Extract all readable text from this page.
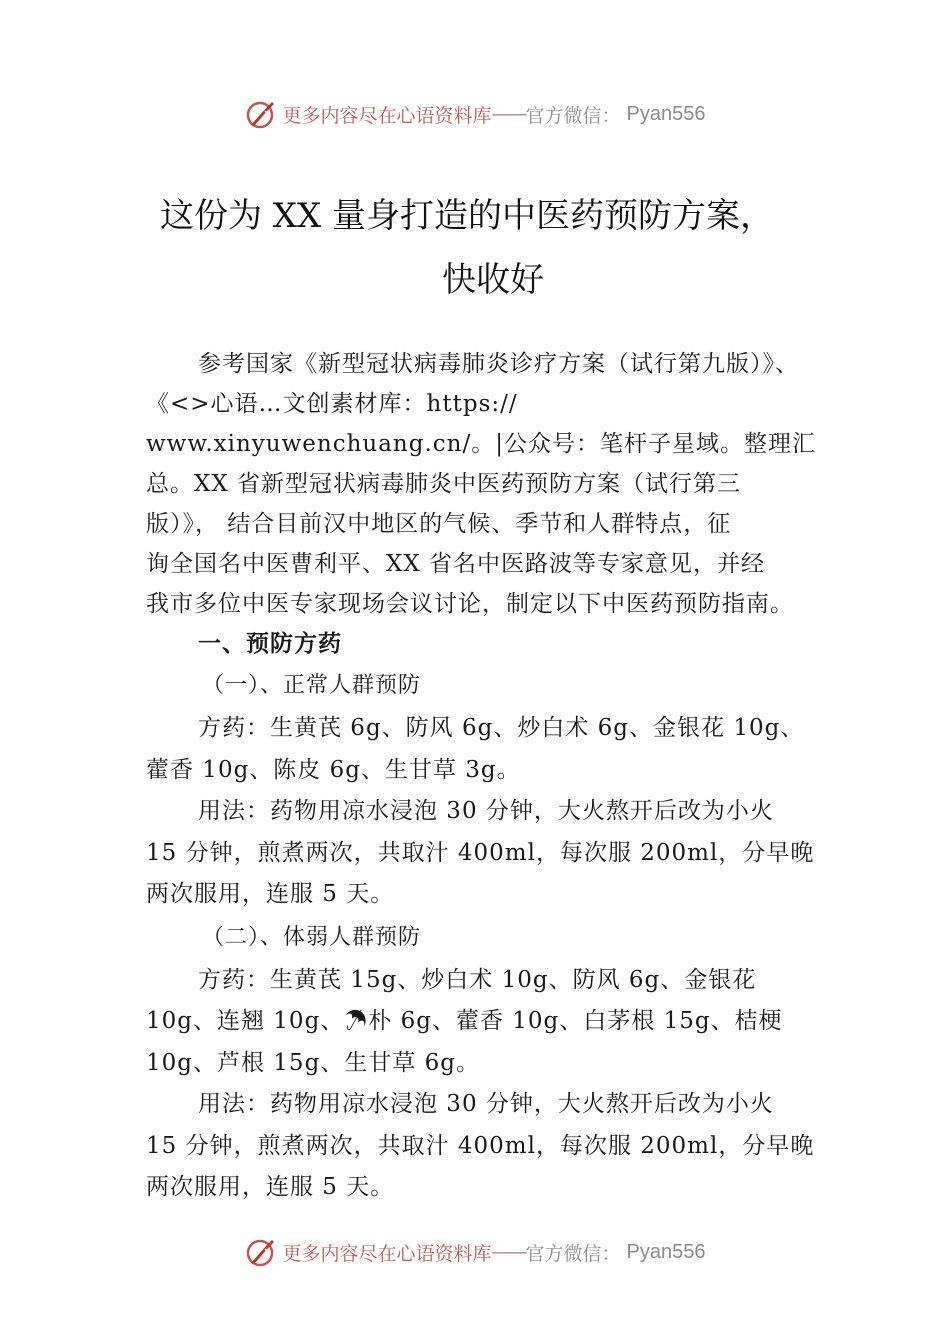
更多内容尽在心语资料库 —— 官方微信： Pyan556
这份为 XX 量身打造的中医药预防方案，
快收好

参考国家《新型冠状病毒肺炎诊疗方案（试行第九版）》、

《<>心语…文创素材库：https://

www.xinyuwenchuang.cn/。|公众号：笔杆子星域。整理汇

总。XX 省新型冠状病毒肺炎中医药预防方案（试行第三

版）》， 结合目前汉中地区的气候、季节和人群特点，征

询全国名中医曹利平、XX 省名中医路波等专家意见，并经

我市多位中医专家现场会议讨论，制定以下中医药预防指南。

一、预防方药

（一）、正常人群预防

方药：生黄芪 6g、防风 6g、炒白术 6g、金银花 10g、

藿香 10g、陈皮 6g、生甘草 3g。

用法：药物用凉水浸泡 30 分钟，大火熬开后改为小火

15 分钟，煎煮两次，共取汁 400ml，每次服 200ml，分早晚

两次服用，连服 5 天。

（二）、体弱人群预防

方药：生黄芪 15g、炒白术 10g、防风 6g、金银花

10g、连翘 10g、☂朴 6g、藿香 10g、白茅根 15g、桔梗

10g、芦根 15g、生甘草 6g。

用法：药物用凉水浸泡 30 分钟，大火熬开后改为小火

15 分钟，煎煮两次，共取汁 400ml，每次服 200ml，分早晚

两次服用，连服 5 天。

更多内容尽在心语资料库 —— 官方微信： Pyan556
